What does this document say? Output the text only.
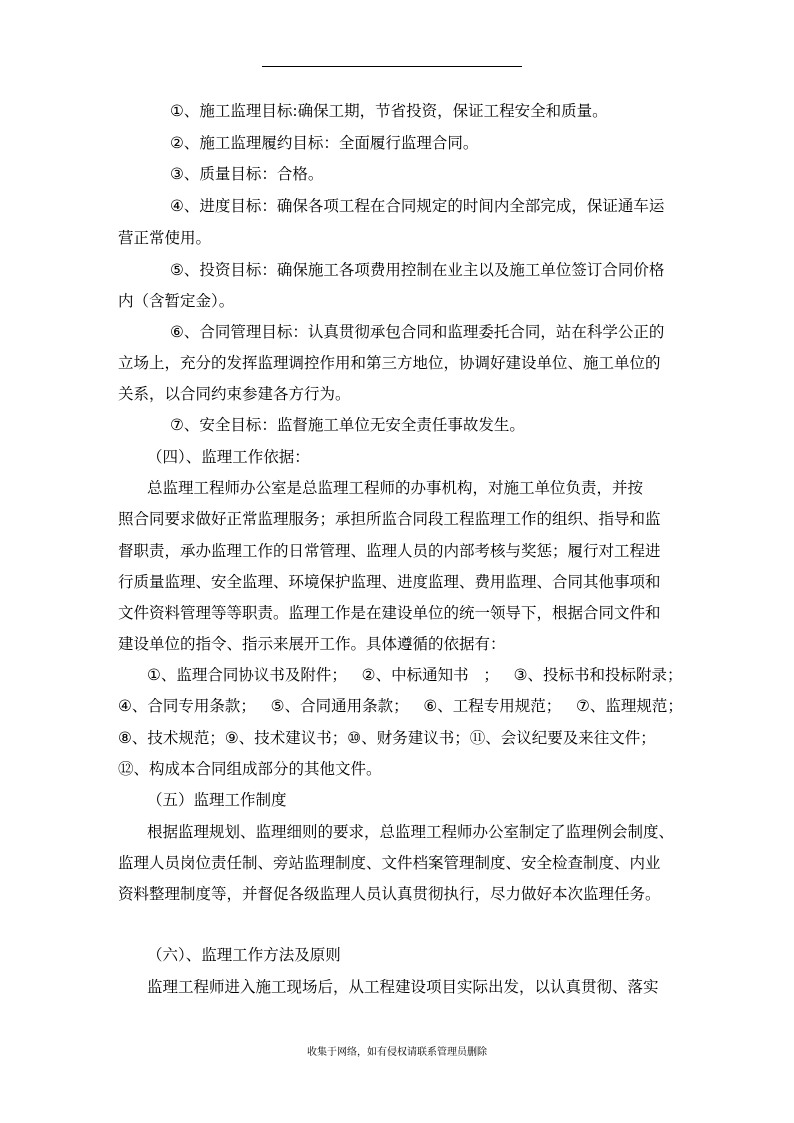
①、施工监理目标:确保工期，节省投资，保证工程安全和质量。
②、施工监理履约目标：全面履行监理合同。
③、质量目标：合格。
④、进度目标：确保各项工程在合同规定的时间内全部完成，保证通车运
营正常使用。
⑤、投资目标：确保施工各项费用控制在业主以及施工单位签订合同价格
内（含暂定金）。
⑥、合同管理目标：认真贯彻承包合同和监理委托合同，站在科学公正的
立场上，充分的发挥监理调控作用和第三方地位，协调好建设单位、施工单位的
关系，以合同约束参建各方行为。
⑦、安全目标：监督施工单位无安全责任事故发生。
（四）、监理工作依据：
总监理工程师办公室是总监理工程师的办事机构，对施工单位负责，并按
照合同要求做好正常监理服务；承担所监合同段工程监理工作的组织、指导和监
督职责，承办监理工作的日常管理、监理人员的内部考核与奖惩；履行对工程进
行质量监理、安全监理、环境保护监理、进度监理、费用监理、合同其他事项和
文件资料管理等等职责。监理工作是在建设单位的统一领导下，根据合同文件和
建设单位的指令、指示来展开工作。具体遵循的依据有：
①、监理合同协议书及附件；   ②、中标通知书   ；   ③、投标书和投标附录；
④、合同专用条款；   ⑤、合同通用条款；   ⑥、工程专用规范；   ⑦、监理规范；
⑧、技术规范；⑨、技术建议书；⑩、财务建议书；⑪、会议纪要及来往文件；
⑫、构成本合同组成部分的其他文件。
（五）监理工作制度
根据监理规划、监理细则的要求，总监理工程师办公室制定了监理例会制度、
监理人员岗位责任制、旁站监理制度、文件档案管理制度、安全检查制度、内业
资料整理制度等，并督促各级监理人员认真贯彻执行，尽力做好本次监理任务。
（六）、监理工作方法及原则
监理工程师进入施工现场后，从工程建设项目实际出发，以认真贯彻、落实
收集于网络，如有侵权请联系管理员删除
